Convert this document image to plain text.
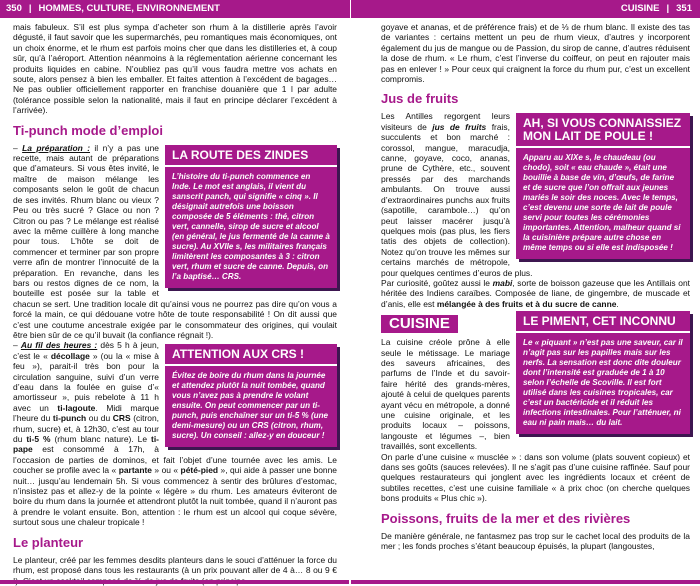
350 | HOMMES, CULTURE, ENVIRONNEMENT	CUISINE | 351

mais fabuleux. S’il est plus sympa d’acheter son rhum à la distillerie après l’avoir dégusté, il faut savoir que les supermarchés, peu romantiques mais économiques, ont un choix énorme, et le rhum est parfois moins cher que dans les distilleries et, à coup sûr, qu’à l’aéroport. Attention néanmoins à la réglementation aérienne concernant les produits liquides en cabine. N’oubliez pas qu’il vous faudra mettre vos achats en soute, alors pensez à bien les emballer. Et faites attention à l’excédent de bagages… Ne pas oublier officiellement rapporter en franchise douanière que 1 l par adulte (tolérance possible selon la nationalité, mais il faut en principe déclarer l’excédent à l’arrivée).

Ti-punch mode d’emploi
LA ROUTE DES ZINDES

L’histoire du ti-punch commence en Inde. Le mot est anglais, il vient du sanscrit panch, qui signifie « cinq ». Il désignait autrefois une boisson composée de 5 éléments : thé, citron vert, cannelle, sirop de sucre et alcool (en général, le jus fermenté de la canne à sucre). Au XVIIe s, les militaires français limitèrent les composantes à 3 : citron vert, rhum et sucre de canne. Depuis, on l’a baptisé… CRS.

– La préparation : il n’y a pas une recette, mais autant de préparations que d’amateurs. Si vous êtes invité, le maître de maison mélange les composants selon le goût de chacun de ses invités. Rhum blanc ou vieux ? Peu ou très sucré ? Glace ou non ? Citron ou pas ? Le mélange est réalisé avec la même cuillère à long manche pour tous. L’hôte se doit de commencer et terminer par son propre verre afin de montrer l’innocuité de la préparation. En revanche, dans les bars ou restos dignes de ce nom, la bouteille est posée sur la table et chacun se sert. Une tradition locale dit qu’ainsi vous ne pourrez pas dire qu’on vous a forcé la main, ce qui dédouane votre hôte de toute responsabilité ! On dit aussi que c’est une coutume ancestrale exigée par le consommateur des origines, qui voulait être bien sûr de ce qu’il buvait (la confiance régnait !).

ATTENTION AUX CRS !

Évitez de boire du rhum dans la journée et attendez plutôt la nuit tombée, quand vous n’avez pas à prendre le volant ensuite. On peut commencer par un ti-punch, puis enchaîner sur un ti-5 % (une demi-mesure) ou un CRS (citron, rhum, sucre). Un conseil : allez-y en douceur !

– Au fil des heures : dès 5 h à jeun, c’est le « décollage » (ou la « mise à feu »), parait-il très bon pour la circulation sanguine, suivi d’un verre d’eau dans la foulée en guise d’« amortisseur », puis rebelote à 11 h avec un ti-lagoute. Midi marque l’heure du ti-punch ou du CRS (citron, rhum, sucre) et, à 12h30, c’est au tour du ti-5 % (rhum blanc nature). Le ti-pape est consommé à 17h, à l’occasion de parties de dominos, et fait l’objet d’une tournée avec les amis. Le coucher se profile avec la « partante » ou « pété-pied », qui aide à passer une bonne nuit… jusqu’au lendemain 5h. Si vous commencez à sentir des brûlures d’estomac, n’insistez pas et allez-y de la pointe « légère » du rhum. Les amateurs éviteront de boire du rhum dans la journée et attendront plutôt la nuit tombée, quand il n’auront pas à prendre le volant ensuite. Bon, attention : le rhum est un alcool qui coque sévère, surtout sous une chaleur tropicale !

Le planteur

Le planteur, créé par les femmes desdits planteurs dans le souci d’atténuer la force du rhum, est proposé dans tous les restaurants (à un prix pouvant aller de 4 à… 8 ou 9 €

goyave et ananas, et de préférence frais) et de ⅓ de rhum blanc. Il existe des tas de variantes : certains mettent un peu de rhum vieux, d’autres y incorporent également du jus de mangue ou de Passion, du sirop de canne, d’autres réduisent la dose de rhum. « Le rhum, c’est l’inverse du coiffeur, on peut en rajouter mais pas en enlever ! » Pour ceux qui craignent la force du rhum pur, c’est un excellent compromis.

Jus de fruits
AH, SI VOUS CONNAISSIEZ MON LAIT DE POULE !

Apparu au XIXe s, le chaudeau (ou chodo), soit « eau chaude », était une bouillie à base de vin, d’œufs, de farine et de sucre que l’on offrait aux jeunes mariés le soir des noces. Avec le temps, c’est devenu une sorte de lait de poule servi pour toutes les cérémonies importantes. Attention, malheur quand si la cuisinière prépare autre chose en même temps ou si elle est indisposée !

Les Antilles regorgent leurs visiteurs de jus de fruits frais, succulents et bon marché : corossol, mangue, maracudja, canne, goyave, coco, ananas, prune de Cythère, etc., souvent pressés par des marchands ambulants. On trouve aussi d’extraordinaires punchs aux fruits (sapotille, carambole…) qu’on peut laisser macérer jusqu’à quelques mois (pas plus, les fiers tatis des objets de collection). Notez qu’on trouve les mêmes sur certains marchés de métropole, pour quelques centimes d’euros de plus.

Par curiosité, goûtez aussi le mabi, sorte de boisson gazeuse que les Antillais ont héritée des Indiens caraïbes. Composée de liane, de gingembre, de muscade et d’anis, elle est mélangée à des fruits et à du sucre de canne.

CUISINE	LE PIMENT, CET INCONNU

Le « piquant » n’est pas une saveur, car il n’agit pas sur les papilles mais sur les nerfs. La sensation est donc dite douleur dont l’intensité est graduée de 1 à 10 selon l’échelle de Scoville. Il est fort utilisé dans les cuisines tropicales, car c’est un bactéricide et il réduit les infections intestinales. Pour l’atténuer, ni eau ni pain mais… du lait.

La cuisine créole prône à elle seule le métissage. Le mariage des saveurs africaines, des parfums de l’Inde et du savoir-faire hérité des grands-mères, ajouté à celui de quelques parents ayant vécu en métropole, a donné une cuisine originale, et les produits locaux – poissons, langouste et légumes –, bien travaillés, sont excellents.

On parle d’une cuisine « musclée » : dans son volume (plats souvent copieux) et dans ses goûts (sauces relevées). Il ne s’agit pas d’une cuisine raffinée. Sauf pour quelques restaurateurs qui jonglent avec les ingrédients locaux et créent de subtiles recettes, c’est une cuisine familiale « à prix choc (on cherche quelques bons produits « Plus chic »).

Poissons, fruits de la mer et des rivières

De manière générale, ne fantasmez pas trop sur le cachet local des produits de la mer ; les fonds proches s’étant beaucoup épuisés, la plupart (langoustes,
